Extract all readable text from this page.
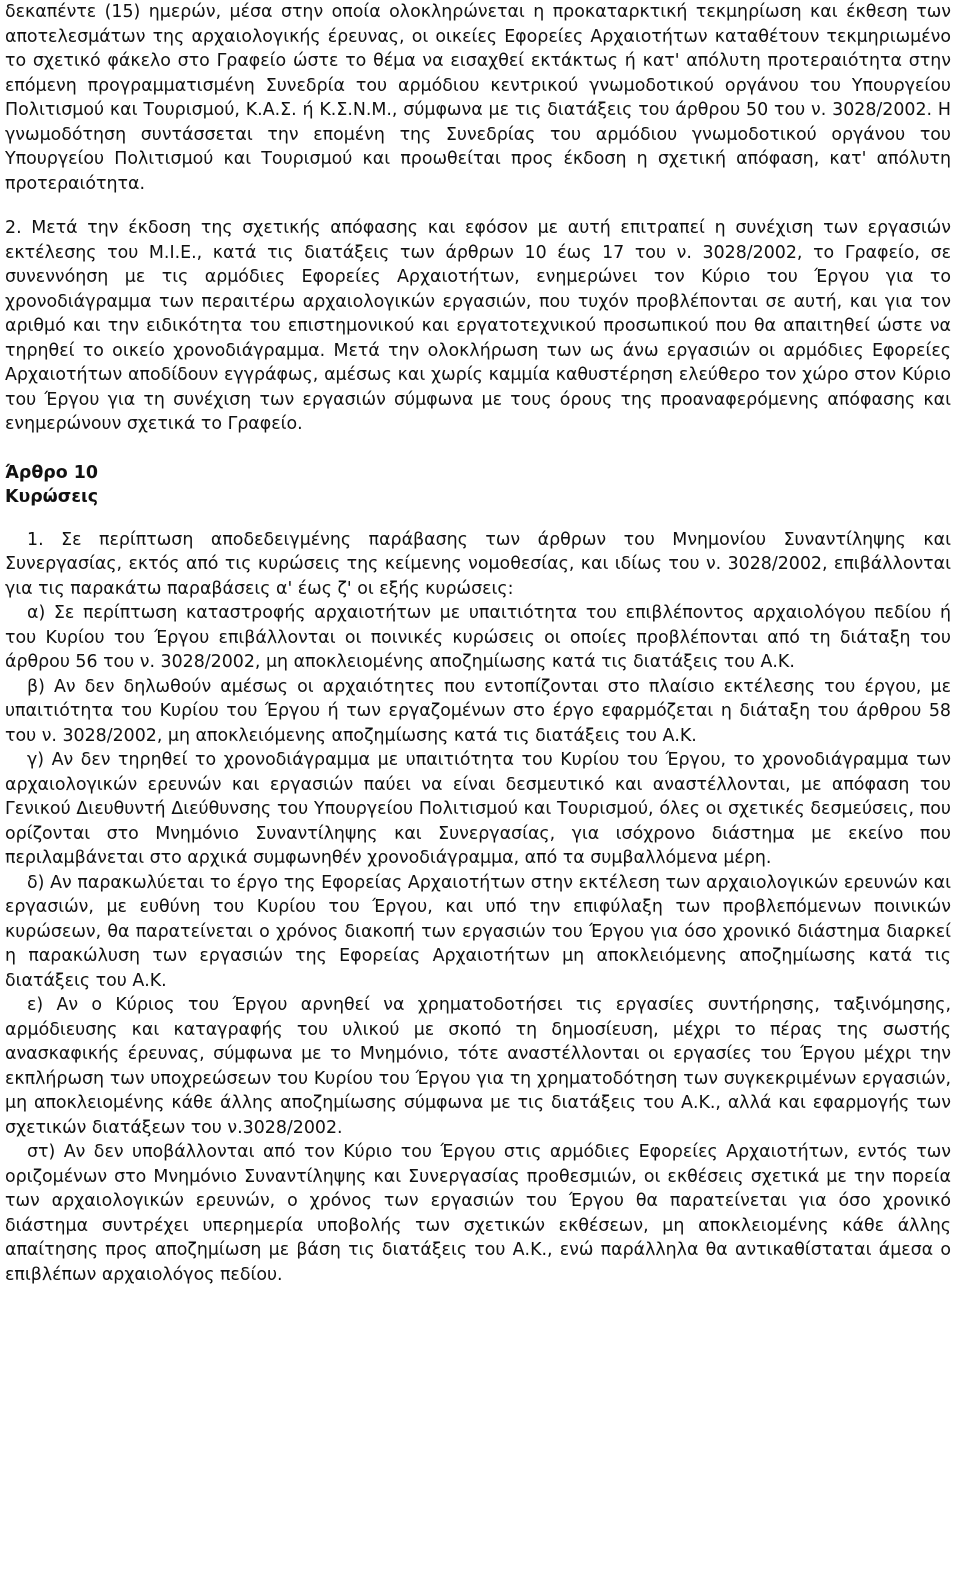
δεκαπέντε (15) ημερών, μέσα στην οποία ολοκληρώνεται η προκαταρκτική τεκμηρίωση και έκθεση των αποτελεσμάτων της αρχαιολογικής έρευνας, οι οικείες Εφορείες Αρχαιοτήτων καταθέτουν τεκμηριωμένο το σχετικό φάκελο στο Γραφείο ώστε το θέμα να εισαχθεί εκτάκτως ή κατ' απόλυτη προτεραιότητα στην επόμενη προγραμματισμένη Συνεδρία του αρμόδιου κεντρικού γνωμοδοτικού οργάνου του Υπουργείου Πολιτισμού και Τουρισμού, Κ.Α.Σ. ή Κ.Σ.Ν.Μ., σύμφωνα με τις διατάξεις του άρθρου 50 του ν. 3028/2002. Η γνωμοδότηση συντάσσεται την επομένη της Συνεδρίας του αρμόδιου γνωμοδοτικού οργάνου του Υπουργείου Πολιτισμού και Τουρισμού και προωθείται προς έκδοση η σχετική απόφαση, κατ' απόλυτη προτεραιότητα.

2. Μετά την έκδοση της σχετικής απόφασης και εφόσον με αυτή επιτραπεί η συνέχιση των εργασιών εκτέλεσης του Μ.Ι.Ε., κατά τις διατάξεις των άρθρων 10 έως 17 του ν. 3028/2002, το Γραφείο, σε συνεννόηση με τις αρμόδιες Εφορείες Αρχαιοτήτων, ενημερώνει τον Κύριο του Έργου για το χρονοδιάγραμμα των περαιτέρω αρχαιολογικών εργασιών, που τυχόν προβλέπονται σε αυτή, και για τον αριθμό και την ειδικότητα του επιστημονικού και εργατοτεχνικού προσωπικού που θα απαιτηθεί ώστε να τηρηθεί το οικείο χρονοδιάγραμμα. Μετά την ολοκλήρωση των ως άνω εργασιών οι αρμόδιες Εφορείες Αρχαιοτήτων αποδίδουν εγγράφως, αμέσως και χωρίς καμμία καθυστέρηση ελεύθερο τον χώρο στον Κύριο του Έργου για τη συνέχιση των εργασιών σύμφωνα με τους όρους της προαναφερόμενης απόφασης και ενημερώνουν σχετικά το Γραφείο.

Άρθρο 10

Κυρώσεις

1. Σε περίπτωση αποδεδειγμένης παράβασης των άρθρων του Μνημονίου Συναντίληψης και Συνεργασίας, εκτός από τις κυρώσεις της κείμενης νομοθεσίας, και ιδίως του ν. 3028/2002, επιβάλλονται για τις παρακάτω παραβάσεις α' έως ζ' οι εξής κυρώσεις:

α) Σε περίπτωση καταστροφής αρχαιοτήτων με υπαιτιότητα του επιβλέποντος αρχαιολόγου πεδίου ή του Κυρίου του Έργου επιβάλλονται οι ποινικές κυρώσεις οι οποίες προβλέπονται από τη διάταξη του άρθρου 56 του ν. 3028/2002, μη αποκλειομένης αποζημίωσης κατά τις διατάξεις του Α.Κ.

β) Αν δεν δηλωθούν αμέσως οι αρχαιότητες που εντοπίζονται στο πλαίσιο εκτέλεσης του έργου, με υπαιτιότητα του Κυρίου του Έργου ή των εργαζομένων στο έργο εφαρμόζεται η διάταξη του άρθρου 58 του ν. 3028/2002, μη αποκλειόμενης αποζημίωσης κατά τις διατάξεις του Α.Κ.

γ) Αν δεν τηρηθεί το χρονοδιάγραμμα με υπαιτιότητα του Κυρίου του Έργου, το χρονοδιάγραμμα των αρχαιολογικών ερευνών και εργασιών παύει να είναι δεσμευτικό και αναστέλλονται, με απόφαση του Γενικού Διευθυντή Διεύθυνσης του Υπουργείου Πολιτισμού και Τουρισμού, όλες οι σχετικές δεσμεύσεις, που ορίζονται στο Μνημόνιο Συναντίληψης και Συνεργασίας, για ισόχρονο διάστημα με εκείνο που περιλαμβάνεται στο αρχικά συμφωνηθέν χρονοδιάγραμμα, από τα συμβαλλόμενα μέρη.

δ) Αν παρακωλύεται το έργο της Εφορείας Αρχαιοτήτων στην εκτέλεση των αρχαιολογικών ερευνών και εργασιών, με ευθύνη του Κυρίου του Έργου, και υπό την επιφύλαξη των προβλεπόμενων ποινικών κυρώσεων, θα παρατείνεται ο χρόνος διακοπή των εργασιών του Έργου για όσο χρονικό διάστημα διαρκεί η παρακώλυση των εργασιών της Εφορείας Αρχαιοτήτων μη αποκλειόμενης αποζημίωσης κατά τις διατάξεις του Α.Κ.

ε) Αν ο Κύριος του Έργου αρνηθεί να χρηματοδοτήσει τις εργασίες συντήρησης, ταξινόμησης, αρμόδιευσης και καταγραφής του υλικού με σκοπό τη δημοσίευση, μέχρι το πέρας της σωστής ανασκαφικής έρευνας, σύμφωνα με το Μνημόνιο, τότε αναστέλλονται οι εργασίες του Έργου μέχρι την εκπλήρωση των υποχρεώσεων του Κυρίου του Έργου για τη χρηματοδότηση των συγκεκριμένων εργασιών, μη αποκλειομένης κάθε άλλης αποζημίωσης σύμφωνα με τις διατάξεις του Α.Κ., αλλά και εφαρμογής των σχετικών διατάξεων του ν.3028/2002.

στ) Αν δεν υποβάλλονται από τον Κύριο του Έργου στις αρμόδιες Εφορείες Αρχαιοτήτων, εντός των οριζομένων στο Μνημόνιο Συναντίληψης και Συνεργασίας προθεσμιών, οι εκθέσεις σχετικά με την πορεία των αρχαιολογικών ερευνών, ο χρόνος των εργασιών του Έργου θα παρατείνεται για όσο χρονικό διάστημα συντρέχει υπερημερία υποβολής των σχετικών εκθέσεων, μη αποκλειομένης κάθε άλλης απαίτησης προς αποζημίωση με βάση τις διατάξεις του Α.Κ., ενώ παράλληλα θα αντικαθίσταται άμεσα ο επιβλέπων αρχαιολόγος πεδίου.
